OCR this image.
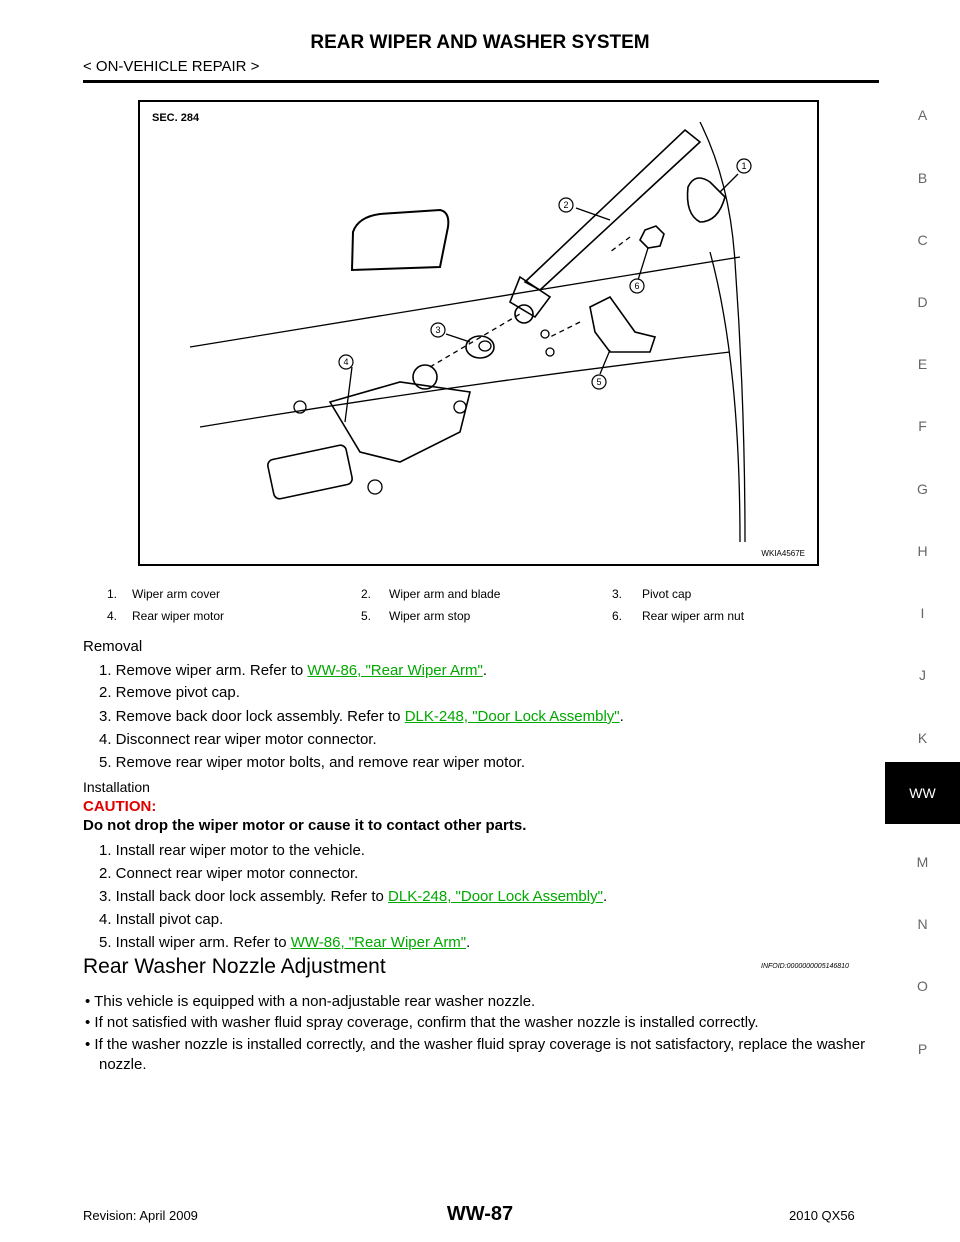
REAR WIPER AND WASHER SYSTEM
< ON-VEHICLE REPAIR >
A
B
C
D
E
F
G
H
I
J
K
WW
M
N
O
P
1
2
3
4
5
6
SEC. 284
WKIA4567E
1. Wiper arm cover	2. Wiper arm and blade	3. Pivot cap
4. Rear wiper motor	5. Wiper arm stop	6. Rear wiper arm nut
Removal
1. Remove wiper arm. Refer to WW-86, "Rear Wiper Arm".
2. Remove pivot cap.
3. Remove back door lock assembly. Refer to DLK-248, "Door Lock Assembly".
4. Disconnect rear wiper motor connector.
5. Remove rear wiper motor bolts, and remove rear wiper motor.
Installation
CAUTION:
Do not drop the wiper motor or cause it to contact other parts.
1. Install rear wiper motor to the vehicle.
2. Connect rear wiper motor connector.
3. Install back door lock assembly. Refer to DLK-248, "Door Lock Assembly".
4. Install pivot cap.
5. Install wiper arm. Refer to WW-86, "Rear Wiper Arm".
Rear Washer Nozzle Adjustment	INFOID:0000000005146810
• This vehicle is equipped with a non-adjustable rear washer nozzle.
• If not satisfied with washer fluid spray coverage, confirm that the washer nozzle is installed correctly.
• If the washer nozzle is installed correctly, and the washer fluid spray coverage is not satisfactory, replace the washer nozzle.
Revision: April 2009	WW-87	2010 QX56
